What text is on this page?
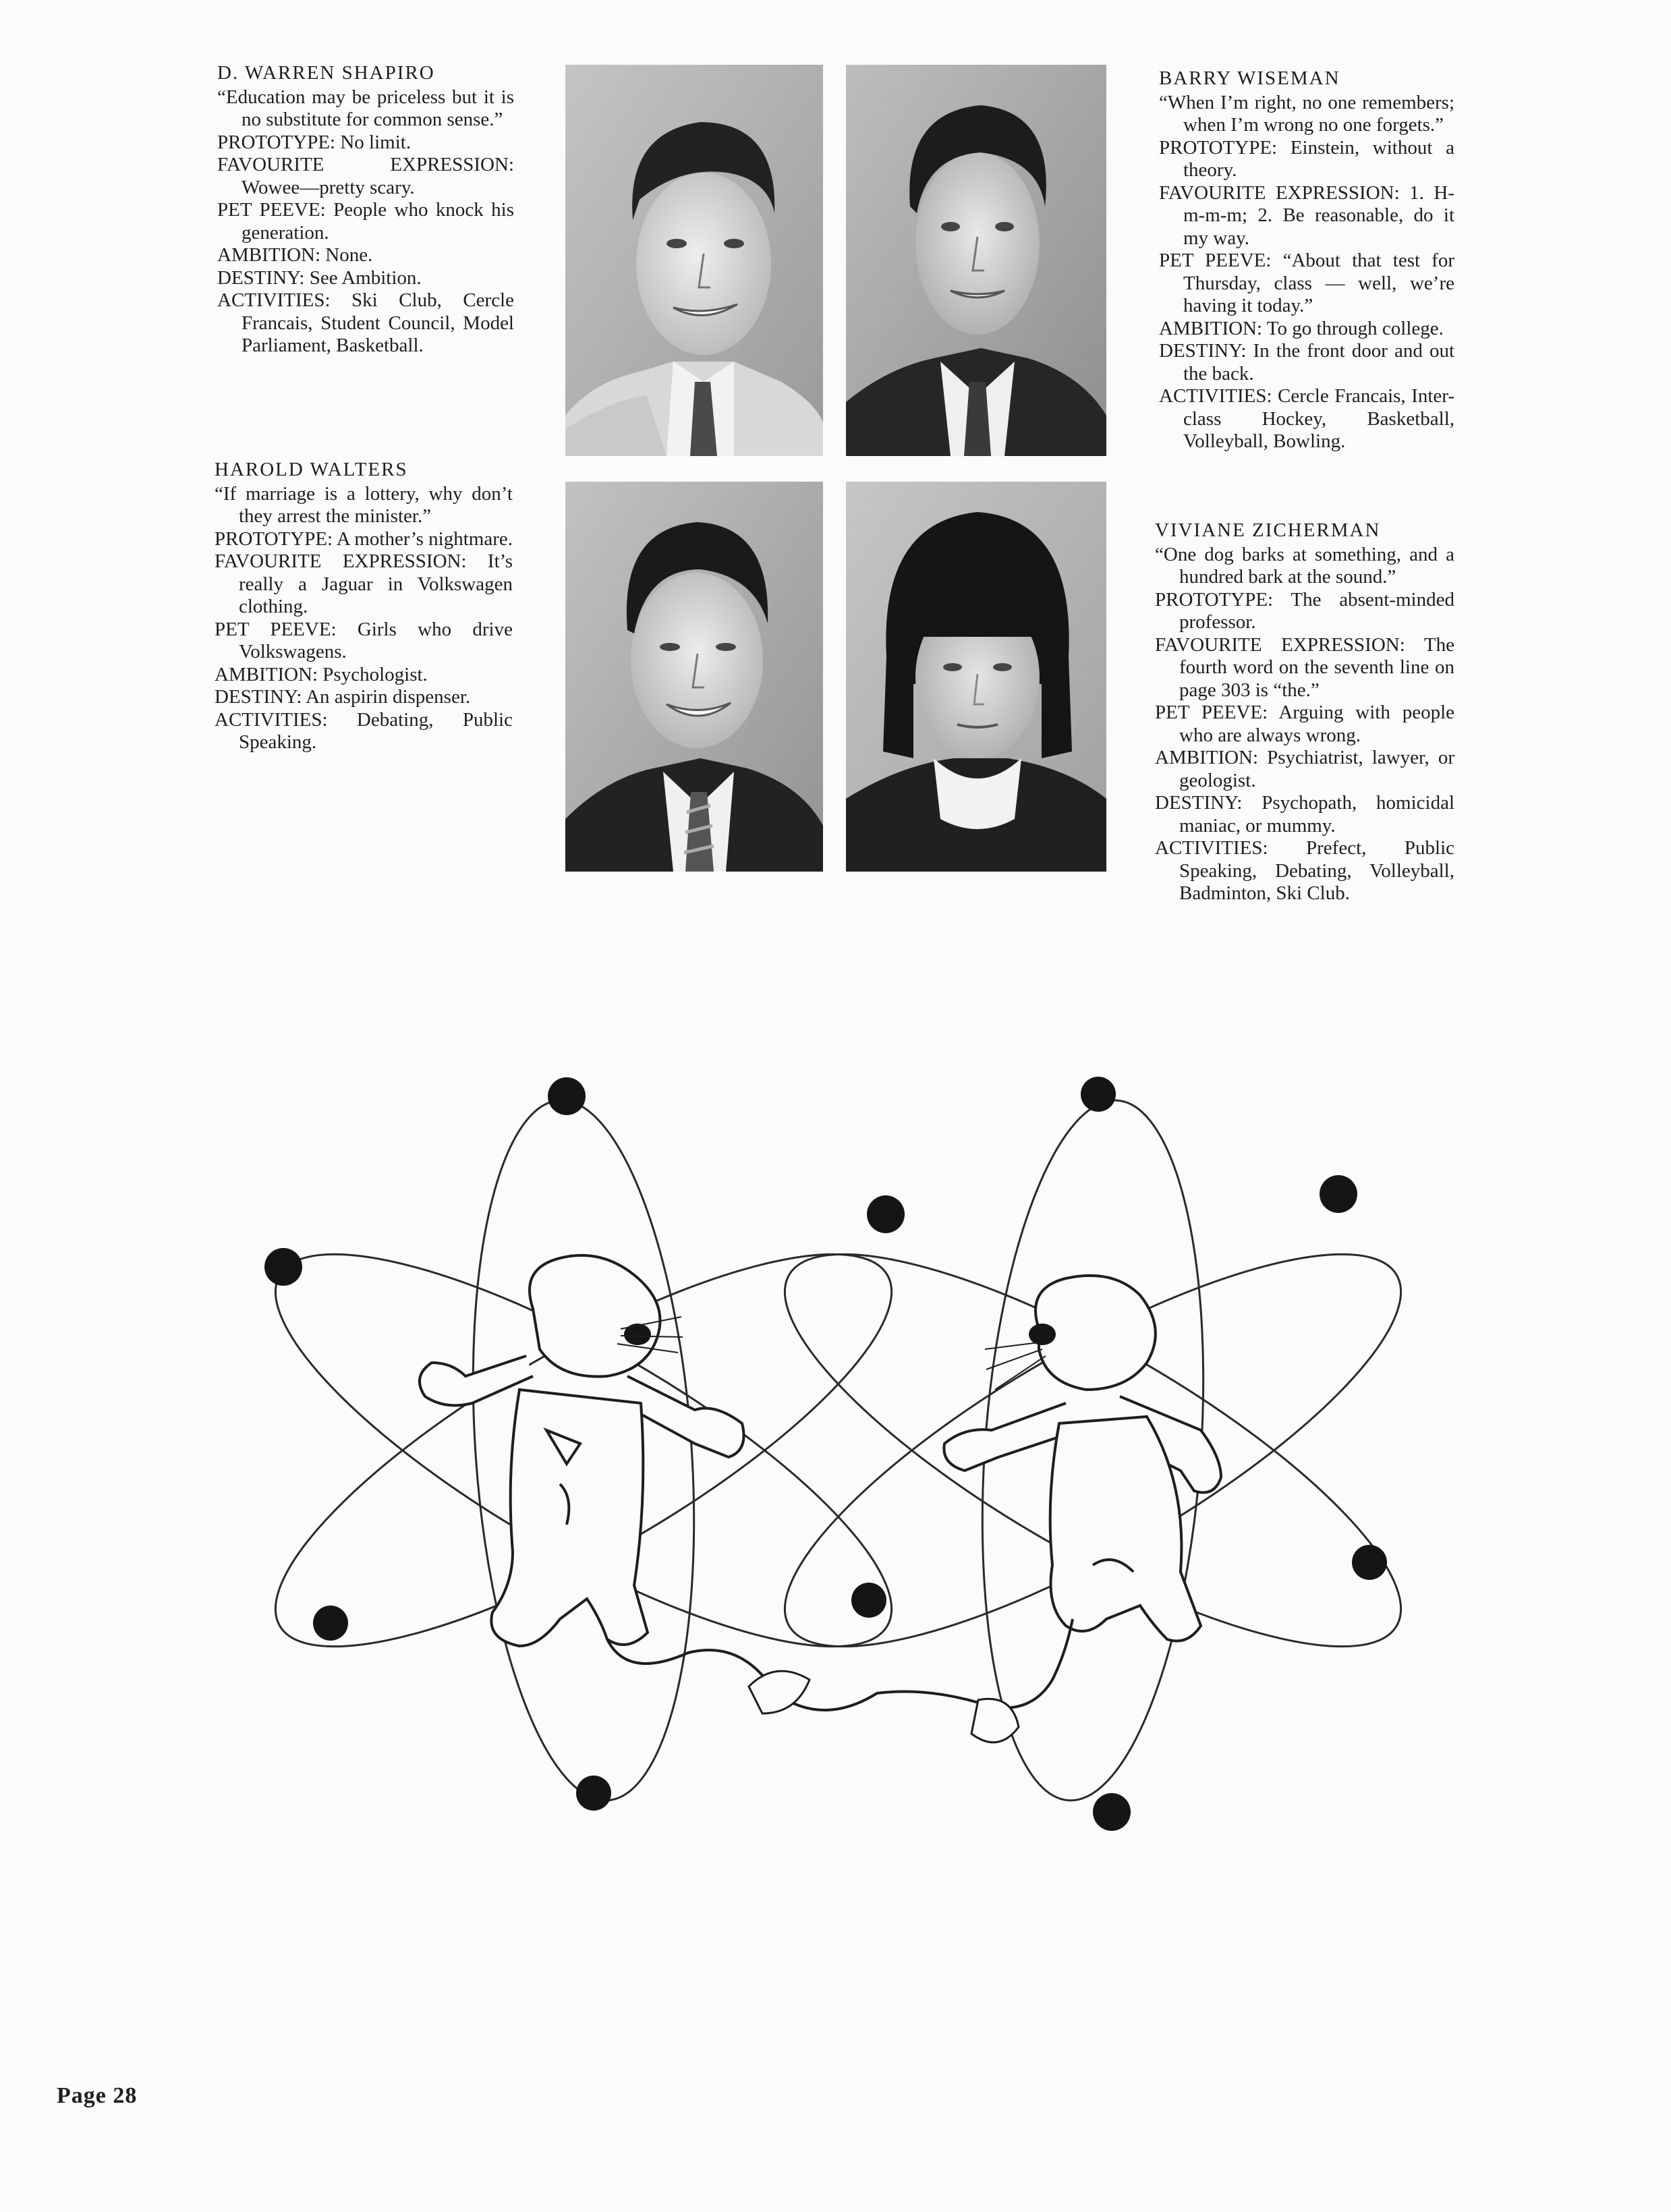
D. WARREN SHAPIRO
“Education may be priceless but it is no substitute for common sense.”
PROTOTYPE: No limit.
FAVOURITE EXPRESSION: Wowee—pretty scary.
PET PEEVE: People who knock his generation.
AMBITION: None.
DESTINY: See Ambition.
ACTIVITIES: Ski Club, Cercle Francais, Student Council, Model Parliament, Basketball.
HAROLD WALTERS
“If marriage is a lottery, why don’t they arrest the minister.”
PROTOTYPE: A mother’s nightmare.
FAVOURITE EXPRESSION: It’s really a Jaguar in Volkswagen clothing.
PET PEEVE: Girls who drive Volkswagens.
AMBITION: Psychologist.
DESTINY: An aspirin dispenser.
ACTIVITIES: Debating, Public Speaking.
BARRY WISEMAN
“When I’m right, no one remembers; when I’m wrong no one forgets.”
PROTOTYPE: Einstein, without a theory.
FAVOURITE EXPRESSION: 1. H-m-m-m; 2. Be reasonable, do it my way.
PET PEEVE: “About that test for Thursday, class — well, we’re having it today.”
AMBITION: To go through college.
DESTINY: In the front door and out the back.
ACTIVITIES: Cercle Francais, Inter-class Hockey, Basketball, Volleyball, Bowling.
VIVIANE ZICHERMAN
“One dog barks at something, and a hundred bark at the sound.”
PROTOTYPE: The absent-minded professor.
FAVOURITE EXPRESSION: The fourth word on the seventh line on page 303 is “the.”
PET PEEVE: Arguing with people who are always wrong.
AMBITION: Psychiatrist, lawyer, or geologist.
DESTINY: Psychopath, homicidal maniac, or mummy.
ACTIVITIES: Prefect, Public Speaking, Debating, Volleyball, Badminton, Ski Club.
Page 28
